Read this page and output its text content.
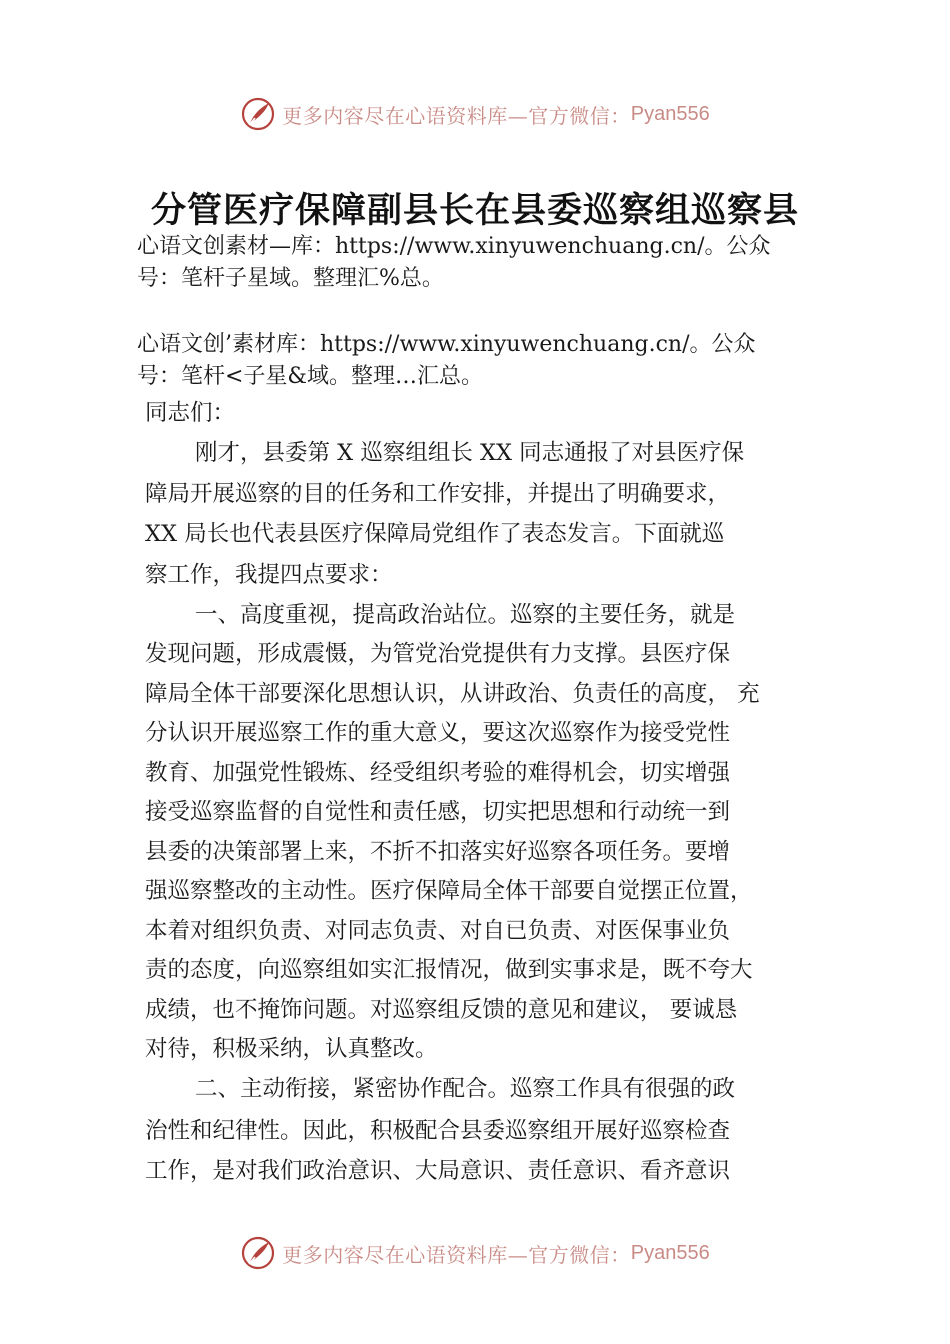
更多内容尽在心语资料库—官方微信： Pyan556
分管医疗保障副县长在县委巡察组巡察县
心语文创素材—库：https://www.xinyuwenchuang.cn/。公众
号：笔杆子星域。整理汇%总。
心语文创’素材库：https://www.xinyuwenchuang.cn/。公众
号：笔杆<子星&域。整理…汇总。
同志们：
刚才，县委第 X 巡察组组长 XX 同志通报了对县医疗保
障局开展巡察的目的任务和工作安排，并提出了明确要求，
XX 局长也代表县医疗保障局党组作了表态发言。下面就巡
察工作，我提四点要求：
一、高度重视，提高政治站位。巡察的主要任务，就是
发现问题，形成震慑，为管党治党提供有力支撑。县医疗保
障局全体干部要深化思想认识，从讲政治、负责任的高度， 充
分认识开展巡察工作的重大意义，要这次巡察作为接受党性
教育、加强党性锻炼、经受组织考验的难得机会，切实增强
接受巡察监督的自觉性和责任感，切实把思想和行动统一到
县委的决策部署上来，不折不扣落实好巡察各项任务。要增
强巡察整改的主动性。医疗保障局全体干部要自觉摆正位置，
本着对组织负责、对同志负责、对自已负责、对医保事业负
责的态度，向巡察组如实汇报情况，做到实事求是，既不夸大
成绩，也不掩饰问题。对巡察组反馈的意见和建议， 要诚恳
对待，积极采纳，认真整改。
二、主动衔接，紧密协作配合。巡察工作具有很强的政
治性和纪律性。因此，积极配合县委巡察组开展好巡察检查
工作，是对我们政治意识、大局意识、责任意识、看齐意识
更多内容尽在心语资料库—官方微信： Pyan556
